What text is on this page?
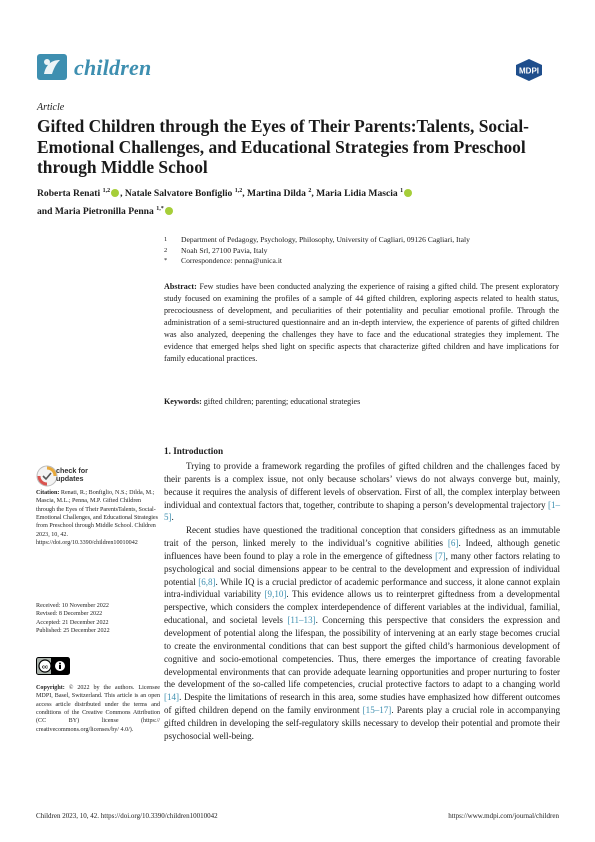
children	MDPI
Article
Gifted Children through the Eyes of Their Parents:Talents, Social-Emotional Challenges, and Educational Strategies from Preschool through Middle School
Roberta Renati $^{1,2}$ , Natale Salvatore Bonfiglio $^{1,2}$, Martina Dilda $^2$, Maria Lidia Mascia $^1$
and Maria Pietronilla Penna $^{1,*}$
1	Department of Pedagogy, Psychology, Philosophy, University of Cagliari, 09126 Cagliari, Italy
2	Noah Srl, 27100 Pavia, Italy
*	Correspondence: penna@unica.it

Abstract: Few studies have been conducted analyzing the experience of raising a gifted child. The present exploratory study focused on examining the profiles of a sample of 44 gifted children, exploring aspects related to health status, precociousness of development, and peculiarities of their potentiality and peculiar emotional profile. Through the administration of a semi-structured questionnaire and an in-depth interview, the experience of parents of gifted children was also analyzed, deepening the challenges they have to face and the educational strategies they implement. The evidence that emerged helps shed light on specific aspects that characterize gifted children and have implications for family educational practices.

Keywords: gifted children; parenting; educational strategies
1. Introduction

Trying to provide a framework regarding the profiles of gifted children and the challenges faced by their parents is a complex issue, not only because scholars’ views do not always converge but, mainly, because it requires the analysis of different levels of observation. First of all, the complex interplay between individual and contextual factors that, together, contribute to shaping a person’s developmental trajectory [1–5].

Recent studies have questioned the traditional conception that considers giftedness as an immutable trait of the person, linked merely to the individual’s cognitive abilities [6]. Indeed, although genetic influences have been found to play a role in the emergence of giftedness [7], many other factors relating to psychological and social dimensions appear to be central to the development and expression of individual potential [6,8]. While IQ is a crucial predictor of academic performance and success, it alone cannot explain intra-individual variability [9,10]. This evidence allows us to reinterpret giftedness from a developmental perspective, which considers the complex interdependence of different variables at the individual, familial, educational, and societal levels [11–13]. Concerning this perspective that considers the expression and development of potential along the lifespan, the possibility of intervening at an early stage becomes crucial to create the environmental conditions that can best support the gifted child’s harmonious development of cognitive and socio-emotional competencies. Thus, there emerges the importance of creating favorable developmental environments that can provide adequate learning opportunities and proper nurturing to foster the development of the so-called life competencies, crucial protective factors to adapt to a changing world [14]. Despite the limitations of research in this area, some studies have emphasized how different outcomes of gifted children depend on the family environment [15–17]. Parents play a crucial role in accompanying gifted children in developing the self-regulatory skills necessary to develop their potential and promote their psychosocial well-being.

check for
updates
Citation: Renati, R.; Bonfiglio, N.S.; Dilda, M.; Mascia, M.L.; Penna, M.P. Gifted Children through the Eyes of Their ParentsTalents, Social-Emotional Challenges, and Educational Strategies from Preschool through Middle School. Children 2023, 10, 42. https://doi.org/10.3390/children10010042
Received: 10 November 2022
Revised: 8 December 2022
Accepted: 21 December 2022
Published: 25 December 2022
cc
Copyright: © 2022 by the authors. Licensee MDPI, Basel, Switzerland. This article is an open access article distributed under the terms and conditions of the Creative Commons Attribution (CC BY) license (https:// creativecommons.org/licenses/by/ 4.0/).
Children 2023, 10, 42. https://doi.org/10.3390/children10010042	https://www.mdpi.com/journal/children
